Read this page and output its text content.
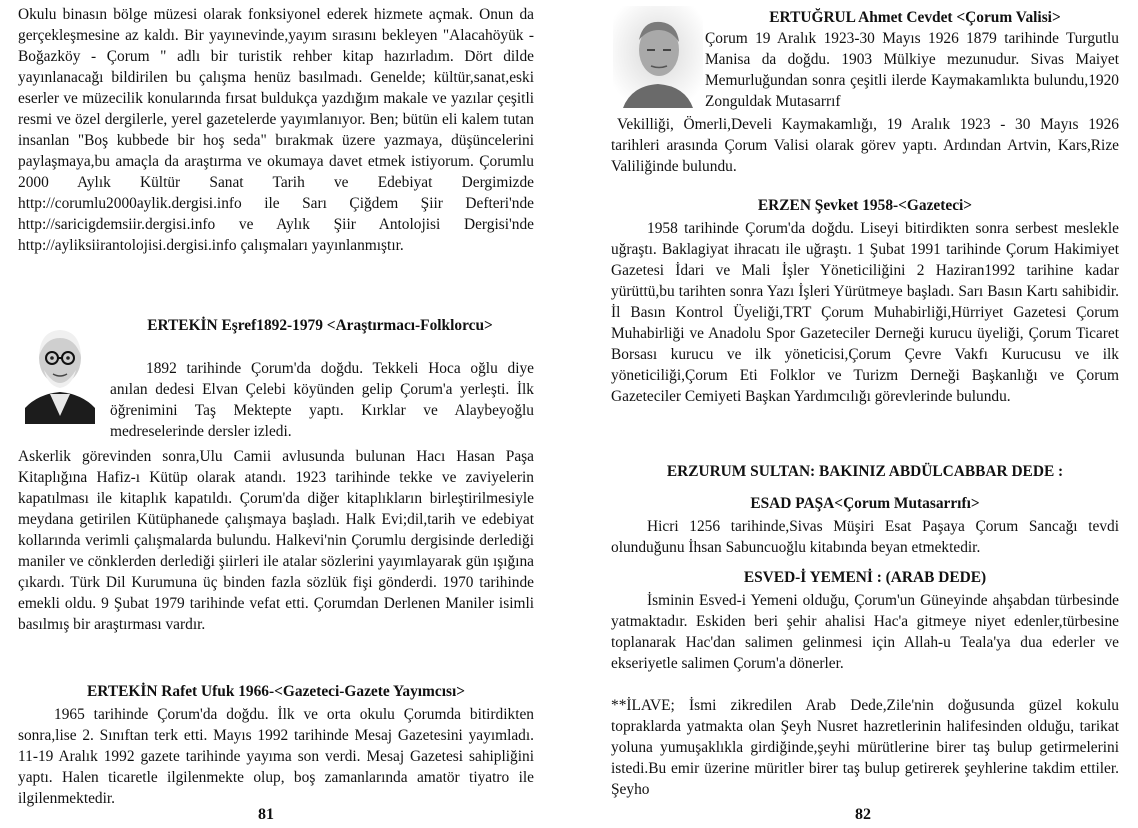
Okulu binasın bölge müzesi olarak fonksiyonel ederek hizmete açmak. Onun da gerçekleşmesine az kaldı. Bir yayınevinde,yayım sırasını bekleyen "Alacahöyük -Boğazköy - Çorum " adlı bir turistik rehber kitap hazırladım. Dört dilde yayınlanacağı bildirilen bu çalışma henüz basılmadı. Genelde; kültür,sanat,eski eserler ve müzecilik konularında fırsat buldukça yazdığım makale ve yazılar çeşitli resmi ve özel dergilerle, yerel gazetelerde yayımlanıyor. Ben; bütün eli kalem tutan insanlan "Boş kubbede bir hoş seda" bırakmak üzere yazmaya, düşüncelerini paylaşmaya,bu amaçla da araştırma ve okumaya davet etmek istiyorum. Çorumlu 2000 Aylık Kültür Sanat Tarih ve Edebiyat Dergimizde http://corumlu2000aylik.dergisi.info ile Sarı Çiğdem Şiir Defteri'nde http://saricigdemsiir.dergisi.info ve Aylık Şiir Antolojisi Dergisi'nde http://ayliksiirantolojisi.dergisi.info çalışmaları yayınlanmıştır.
ERTEKİN Eşref1892-1979 <Araştırmacı-Folklorcu>
1892 tarihinde Çorum'da doğdu. Tekkeli Hoca oğlu diye anılan dedesi Elvan Çelebi köyünden gelip Çorum'a yerleşti. İlk öğrenimini Taş Mektepte yaptı. Kırklar ve Alaybeyoğlu medreselerinde dersler izledi.
Askerlik görevinden sonra,Ulu Camii avlusunda bulunan Hacı Hasan Paşa Kitaplığına Hafiz-ı Kütüp olarak atandı. 1923 tarihinde tekke ve zaviyelerin kapatılması ile kitaplık kapatıldı. Çorum'da diğer kitaplıkların birleştirilmesiyle meydana getirilen Kütüphanede çalışmaya başladı. Halk Evi;dil,tarih ve edebiyat kollarında verimli çalışmalarda bulundu. Halkevi'nin Çorumlu dergisinde derlediği maniler ve cönklerden derlediği şiirleri ile atalar sözlerini yayımlayarak gün ışığına çıkardı. Türk Dil Kurumuna üç binden fazla sözlük fişi gönderdi. 1970 tarihinde emekli oldu. 9 Şubat 1979 tarihinde vefat etti. Çorumdan Derlenen Maniler isimli basılmış bir araştırması vardır.
ERTEKİN Rafet Ufuk 1966-<Gazeteci-Gazete Yayımcısı>
1965 tarihinde Çorum'da doğdu. İlk ve orta okulu Çorumda bitirdikten sonra,lise 2. Sınıftan terk etti. Mayıs 1992 tarihinde Mesaj Gazetesini yayımladı. 11-19 Aralık 1992 gazete tarihinde yayıma son verdi. Mesaj Gazetesi sahipliğini yaptı. Halen ticaretle ilgilenmekte olup, boş zamanlarında amatör tiyatro ile ilgilenmektedir.
81
ERTUĞRUL Ahmet Cevdet <Çorum Valisi>
Çorum 19 Aralık 1923-30 Mayıs 1926 1879 tarihinde Turgutlu Manisa da doğdu. 1903 Mülkiye mezunudur. Sivas Maiyet Memurluğundan sonra çeşitli ilerde Kaymakamlıkta bulundu,1920 Zonguldak Mutasarrıf
Vekilliği, Ömerli,Develi Kaymakamlığı, 19 Aralık 1923 - 30 Mayıs 1926 tarihleri arasında Çorum Valisi olarak görev yaptı. Ardından Artvin, Kars,Rize Valiliğinde bulundu.
ERZEN Şevket 1958-<Gazeteci>
1958 tarihinde Çorum'da doğdu. Liseyi bitirdikten sonra serbest meslekle uğraştı. Baklagiyat ihracatı ile uğraştı. 1 Şubat 1991 tarihinde Çorum Hakimiyet Gazetesi İdari ve Mali İşler Yöneticiliğini 2 Haziran1992 tarihine kadar yürüttü,bu tarihten sonra Yazı İşleri Yürütmeye başladı. Sarı Basın Kartı sahibidir. İl Basın Kontrol Üyeliği,TRT Çorum Muhabirliği,Hürriyet Gazetesi Çorum Muhabirliği ve Anadolu Spor Gazeteciler Derneği kurucu üyeliği, Çorum Ticaret Borsası kurucu ve ilk yöneticisi,Çorum Çevre Vakfı Kurucusu ve ilk yöneticiliği,Çorum Eti Folklor ve Turizm Derneği Başkanlığı ve Çorum Gazeteciler Cemiyeti Başkan Yardımcılığı görevlerinde bulundu.
ERZURUM SULTAN: BAKINIZ ABDÜLCABBAR DEDE :
ESAD PAŞA<Çorum Mutasarrıfı>
Hicri 1256 tarihinde,Sivas Müşiri Esat Paşaya Çorum Sancağı tevdi olunduğunu İhsan Sabuncuoğlu kitabında beyan etmektedir.
ESVED-İ YEMENİ : (ARAB DEDE)
İsminin Esved-i Yemeni olduğu, Çorum'un Güneyinde ahşabdan türbesinde yatmaktadır. Eskiden beri şehir ahalisi Hac'a gitmeye niyet edenler,türbesine toplanarak Hac'dan salimen gelinmesi için Allah-u Teala'ya dua ederler ve ekseriyetle salimen Çorum'a dönerler.
**İLAVE; İsmi zikredilen Arab Dede,Zile'nin doğusunda güzel kokulu topraklarda yatmakta olan Şeyh Nusret hazretlerinin halifesinden olduğu, tarikat yoluna yumuşaklıkla girdiğinde,şeyhi mürütlerine birer taş bulup getirmelerini istedi.Bu emir üzerine müritler birer taş bulup getirerek şeyhlerine takdim ettiler. Şeyho
82
